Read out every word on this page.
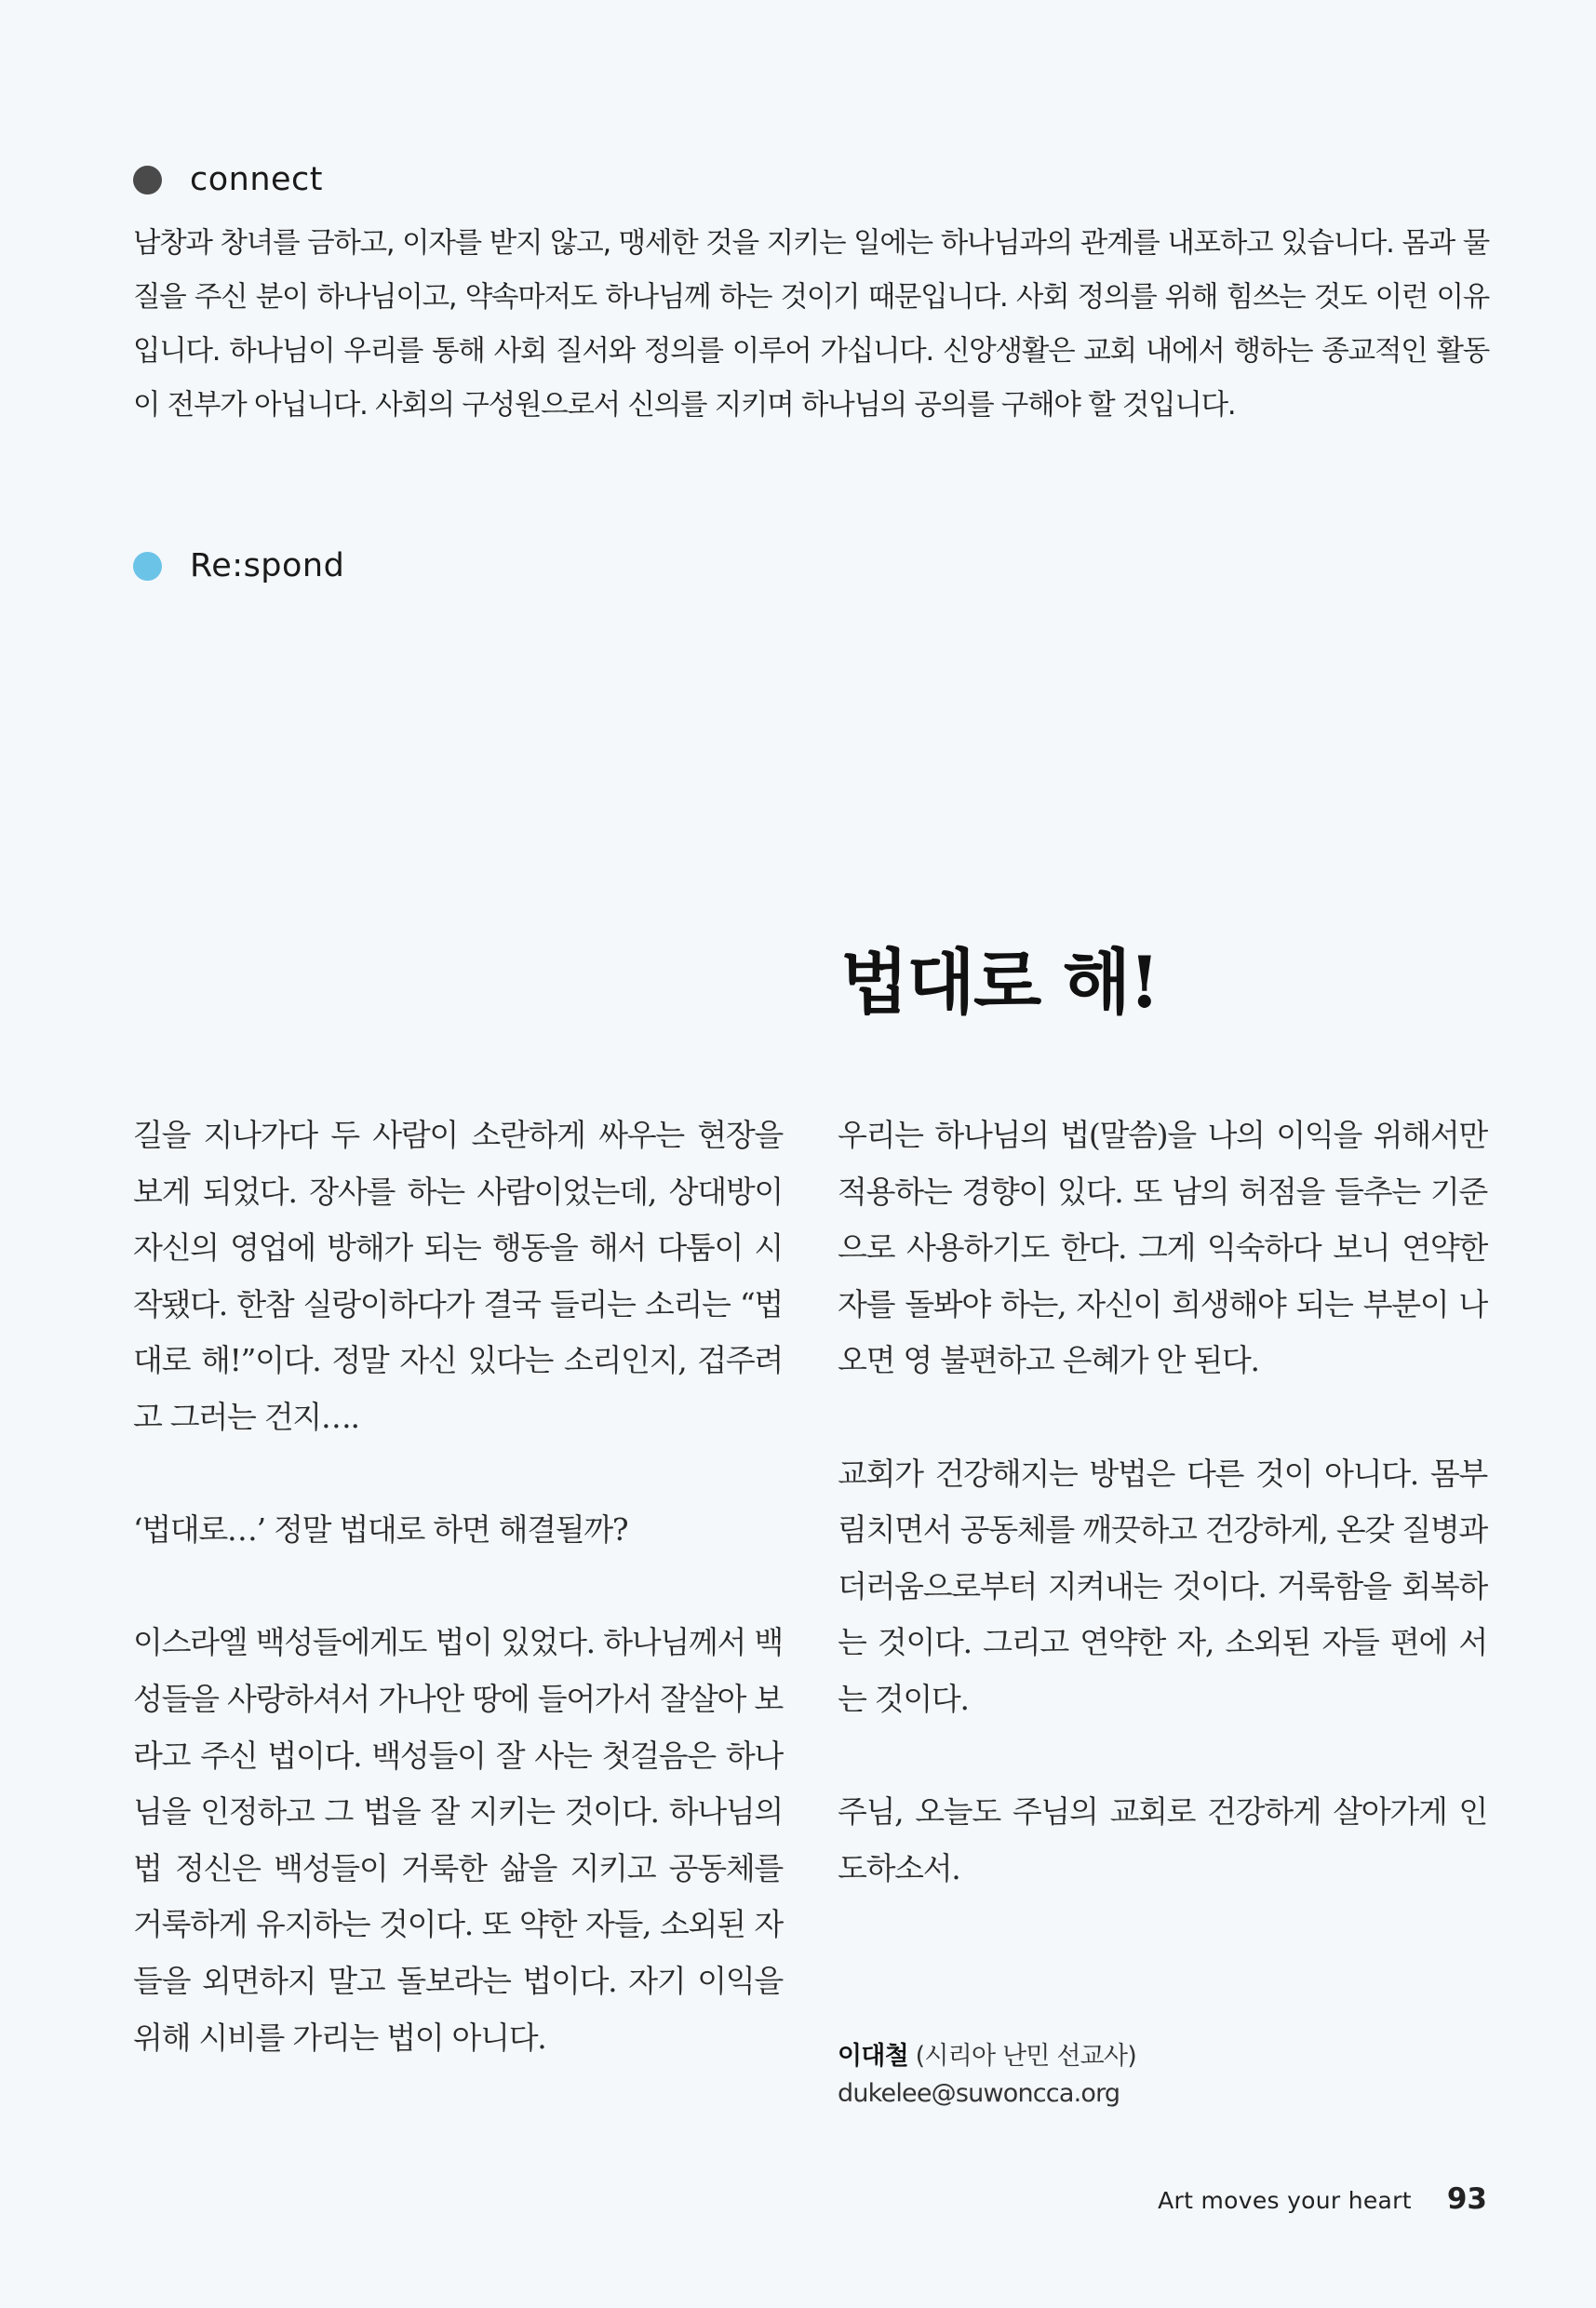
connect

남창과 창녀를 금하고, 이자를 받지 않고, 맹세한 것을 지키는 일에는 하나님과의 관계를 내포하고 있습니다. 몸과 물질을 주신 분이 하나님이고, 약속마저도 하나님께 하는 것이기 때문입니다. 사회 정의를 위해 힘쓰는 것도 이런 이유입니다. 하나님이 우리를 통해 사회 질서와 정의를 이루어 가십니다. 신앙생활은 교회 내에서 행하는 종교적인 활동이 전부가 아닙니다. 사회의 구성원으로서 신의를 지키며 하나님의 공의를 구해야 할 것입니다.

Re:spond
법대로 해!

길을 지나가다 두 사람이 소란하게 싸우는 현장을 보게 되었다. 장사를 하는 사람이었는데, 상대방이 자신의 영업에 방해가 되는 행동을 해서 다툼이 시작됐다. 한참 실랑이하다가 결국 들리는 소리는 “법대로 해!”이다. 정말 자신 있다는 소리인지, 겁주려고 그러는 건지….

‘법대로…’ 정말 법대로 하면 해결될까?

이스라엘 백성들에게도 법이 있었다. 하나님께서 백성들을 사랑하셔서 가나안 땅에 들어가서 잘살아 보라고 주신 법이다. 백성들이 잘 사는 첫걸음은 하나님을 인정하고 그 법을 잘 지키는 것이다. 하나님의 법 정신은 백성들이 거룩한 삶을 지키고 공동체를 거룩하게 유지하는 것이다. 또 약한 자들, 소외된 자들을 외면하지 말고 돌보라는 법이다. 자기 이익을 위해 시비를 가리는 법이 아니다.

우리는 하나님의 법(말씀)을 나의 이익을 위해서만 적용하는 경향이 있다. 또 남의 허점을 들추는 기준으로 사용하기도 한다. 그게 익숙하다 보니 연약한 자를 돌봐야 하는, 자신이 희생해야 되는 부분이 나오면 영 불편하고 은혜가 안 된다.

교회가 건강해지는 방법은 다른 것이 아니다. 몸부림치면서 공동체를 깨끗하고 건강하게, 온갖 질병과 더러움으로부터 지켜내는 것이다. 거룩함을 회복하는 것이다. 그리고 연약한 자, 소외된 자들 편에 서는 것이다.

주님, 오늘도 주님의 교회로 건강하게 살아가게 인도하소서.

이대철 (시리아 난민 선교사)
dukelee@suwoncca.org
Art moves your heart 93
